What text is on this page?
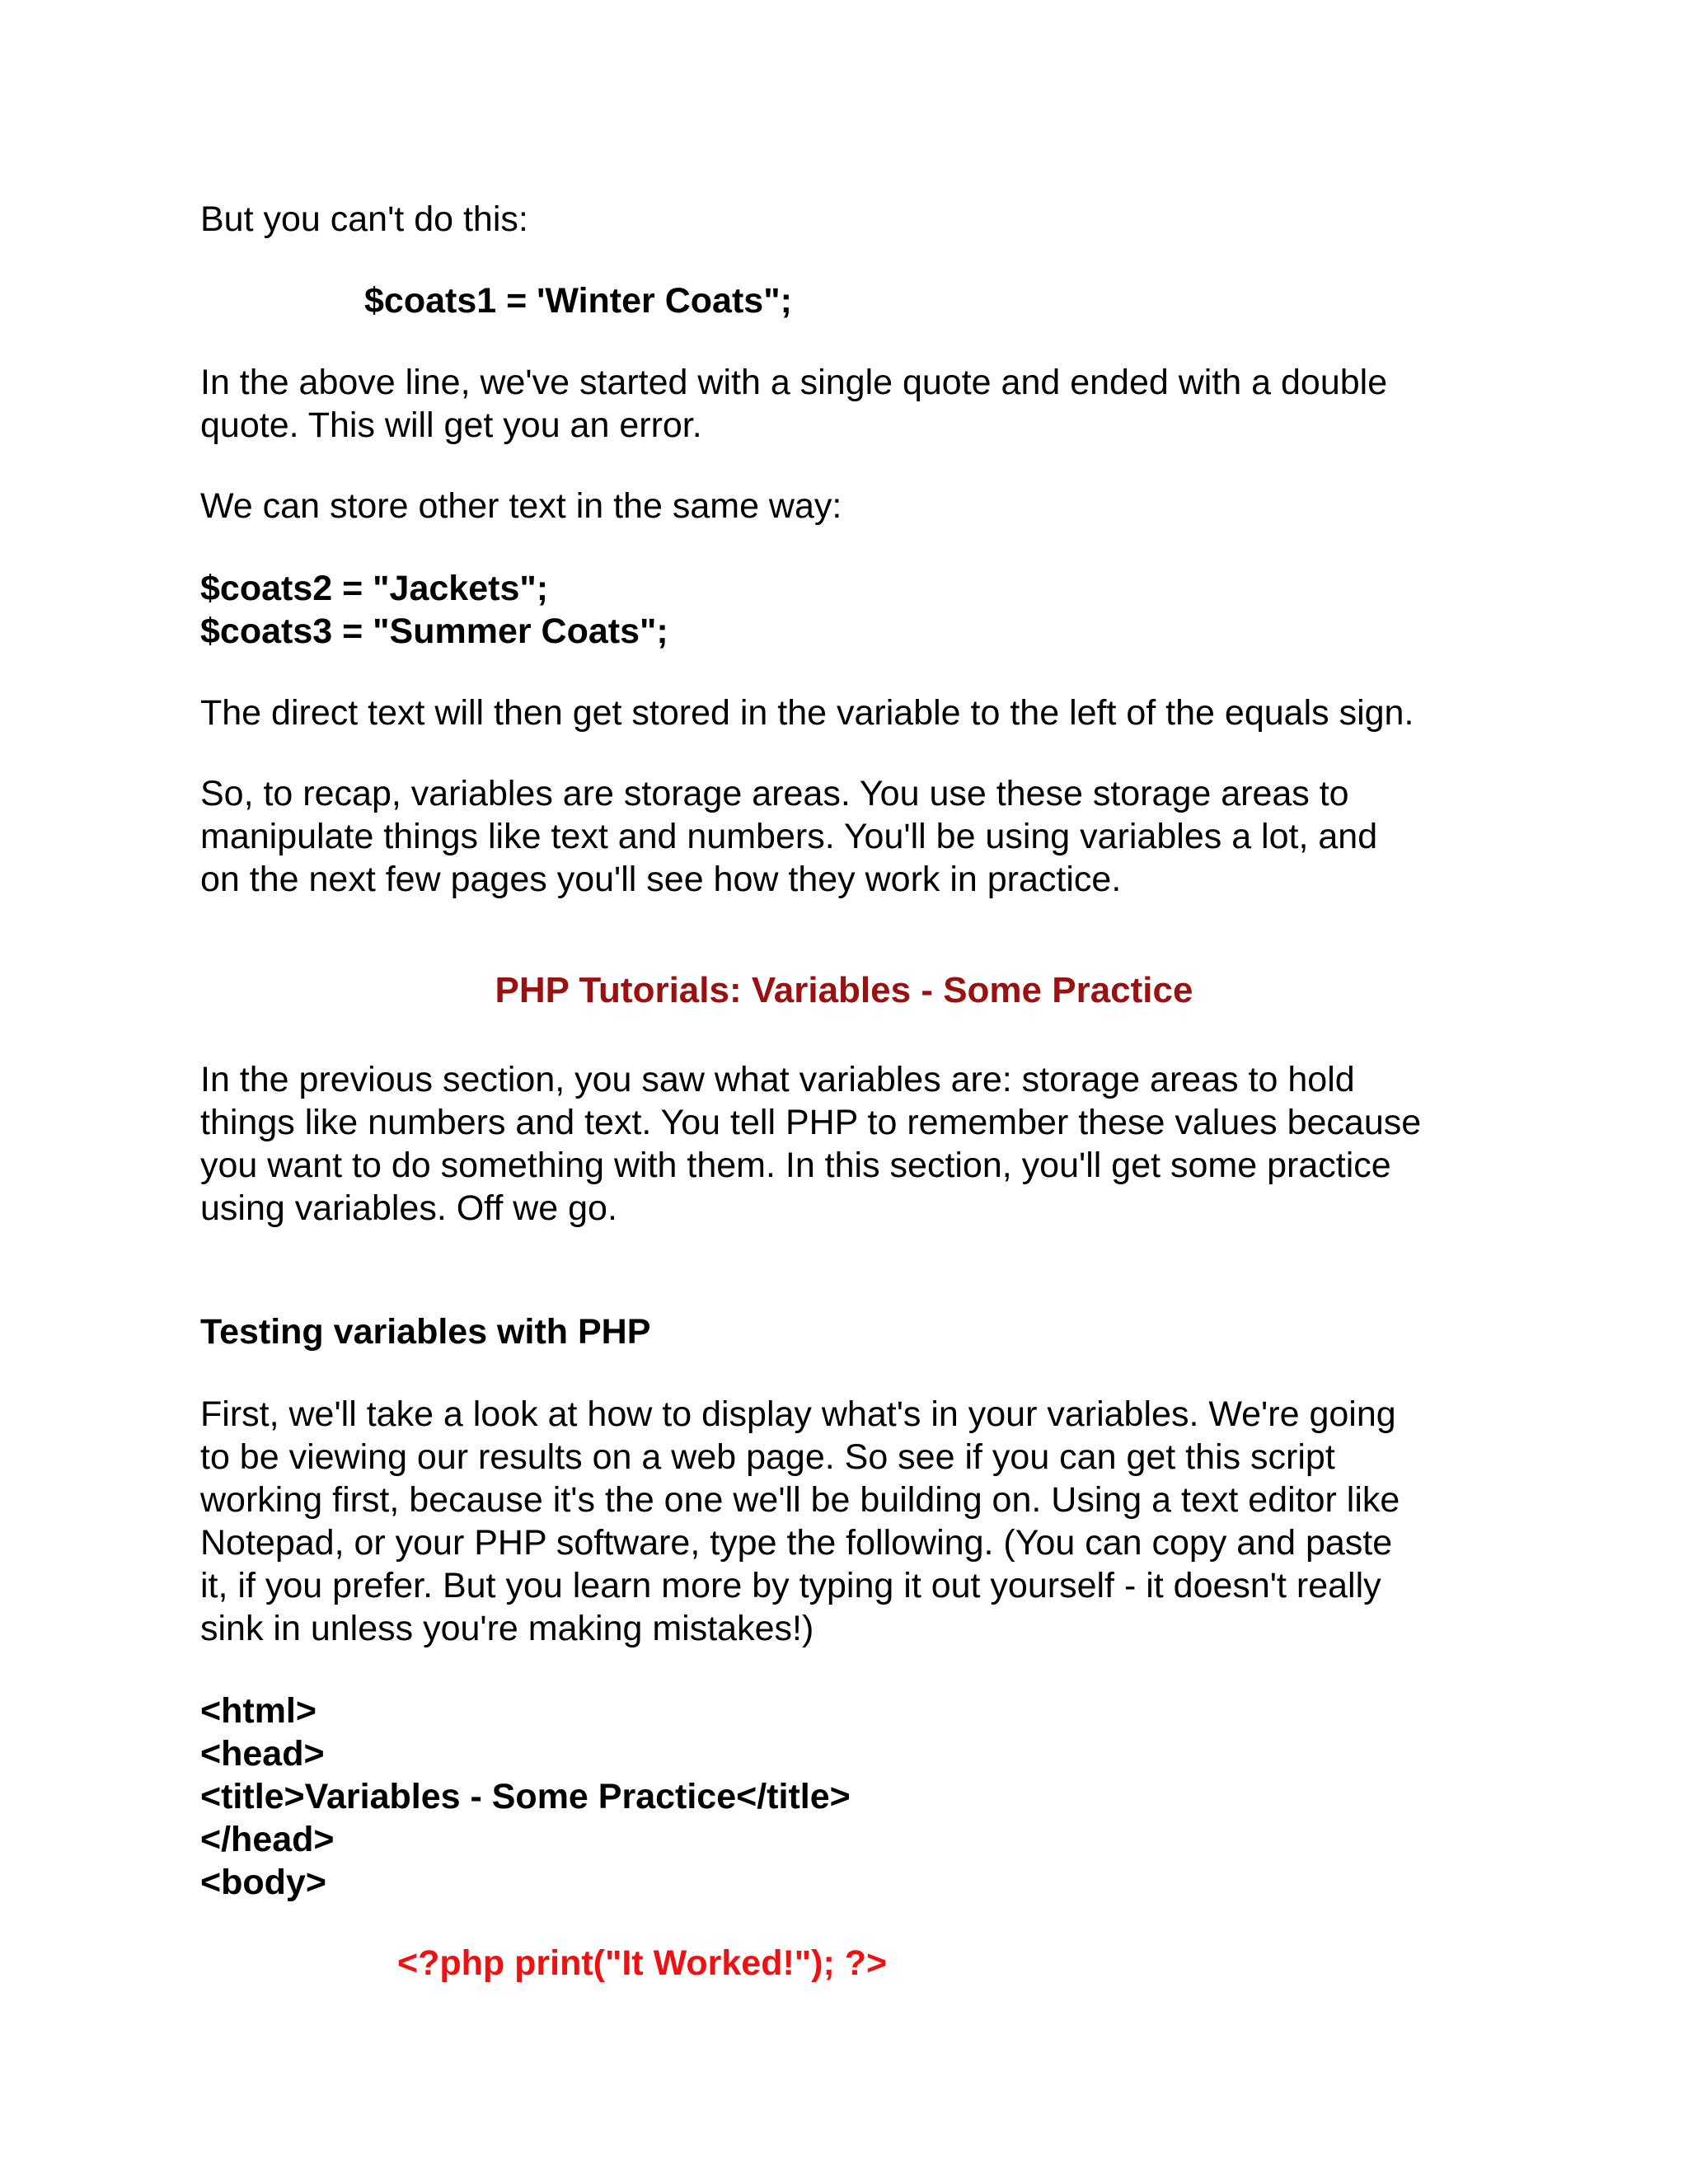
But you can't do this:

$coats1 = 'Winter Coats";

In the above line, we've started with a single quote and ended with a double

quote. This will get you an error.

We can store other text in the same way:

$coats2 = "Jackets";

$coats3 = "Summer Coats";

The direct text will then get stored in the variable to the left of the equals sign.

So, to recap, variables are storage areas. You use these storage areas to

manipulate things like text and numbers. You'll be using variables a lot, and

on the next few pages you'll see how they work in practice.

PHP Tutorials: Variables - Some Practice

In the previous section, you saw what variables are: storage areas to hold

things like numbers and text. You tell PHP to remember these values because

you want to do something with them. In this section, you'll get some practice

using variables. Off we go.

Testing variables with PHP

First, we'll take a look at how to display what's in your variables. We're going

to be viewing our results on a web page. So see if you can get this script

working first, because it's the one we'll be building on. Using a text editor like

Notepad, or your PHP software, type the following. (You can copy and paste

it, if you prefer. But you learn more by typing it out yourself - it doesn't really

sink in unless you're making mistakes!)

<html>

<head>

<title>Variables - Some Practice</title>

</head>

<body>

<?php print("It Worked!"); ?>
